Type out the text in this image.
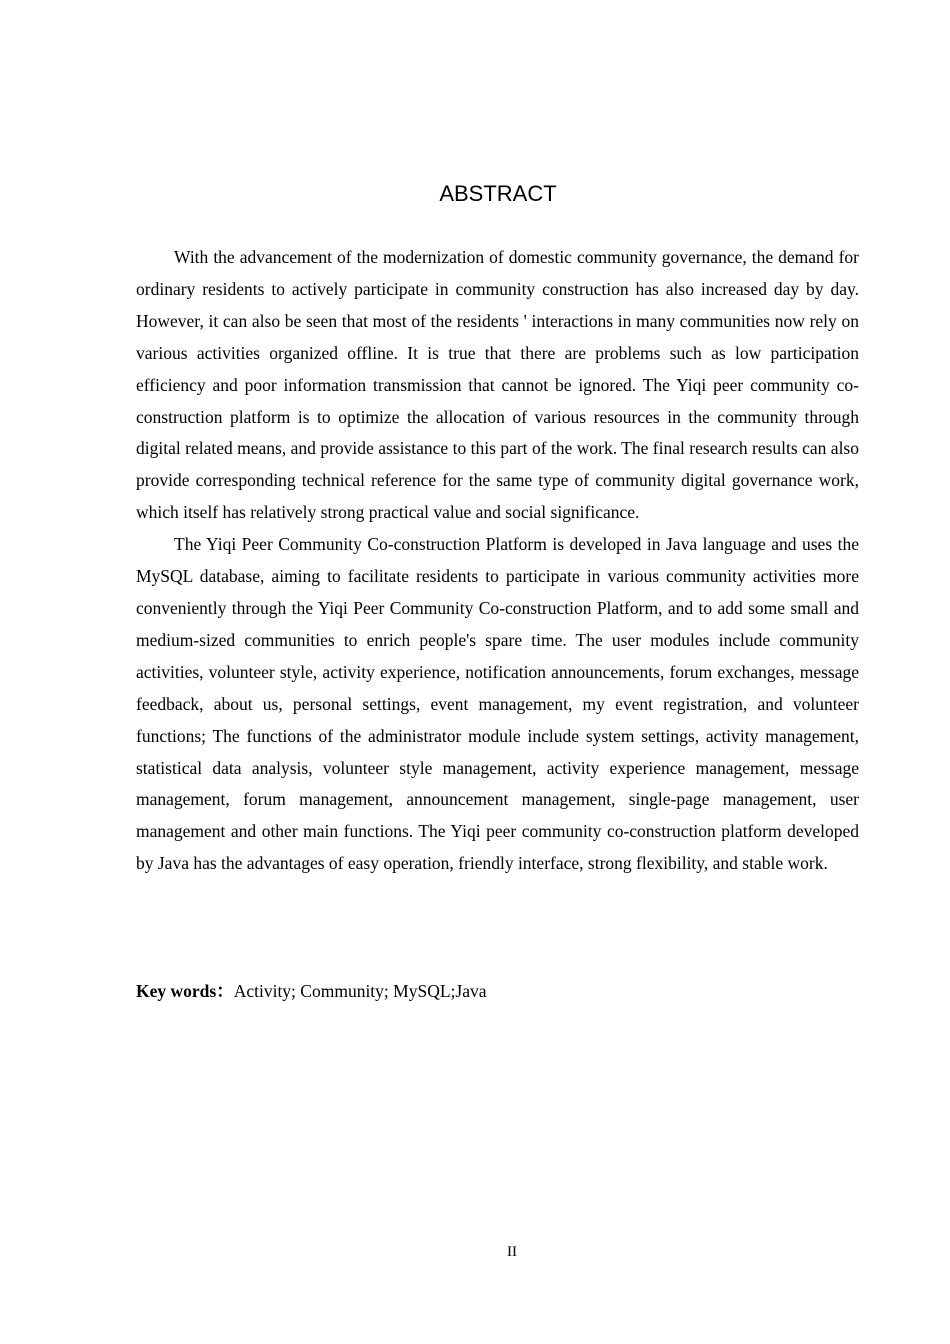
ABSTRACT

With the advancement of the modernization of domestic community governance, the demand for ordinary residents to actively participate in community construction has also increased day by day. However, it can also be seen that most of the residents ' interactions in many communities now rely on various activities organized offline. It is true that there are problems such as low participation efficiency and poor information transmission that cannot be ignored. The Yiqi peer community co-construction platform is to optimize the allocation of various resources in the community through digital related means, and provide assistance to this part of the work. The final research results can also provide corresponding technical reference for the same type of community digital governance work, which itself has relatively strong practical value and social significance.

The Yiqi Peer Community Co-construction Platform is developed in Java language and uses the MySQL database, aiming to facilitate residents to participate in various community activities more conveniently through the Yiqi Peer Community Co-construction Platform, and to add some small and medium-sized communities to enrich people's spare time. The user modules include community activities, volunteer style, activity experience, notification announcements, forum exchanges, message feedback, about us, personal settings, event management, my event registration, and volunteer functions; The functions of the administrator module include system settings, activity management, statistical data analysis, volunteer style management, activity experience management, message management, forum management, announcement management, single-page management, user management and other main functions. The Yiqi peer community co-construction platform developed by Java has the advantages of easy operation, friendly interface, strong flexibility, and stable work.

Key words：Activity; Community; MySQL;Java

II
